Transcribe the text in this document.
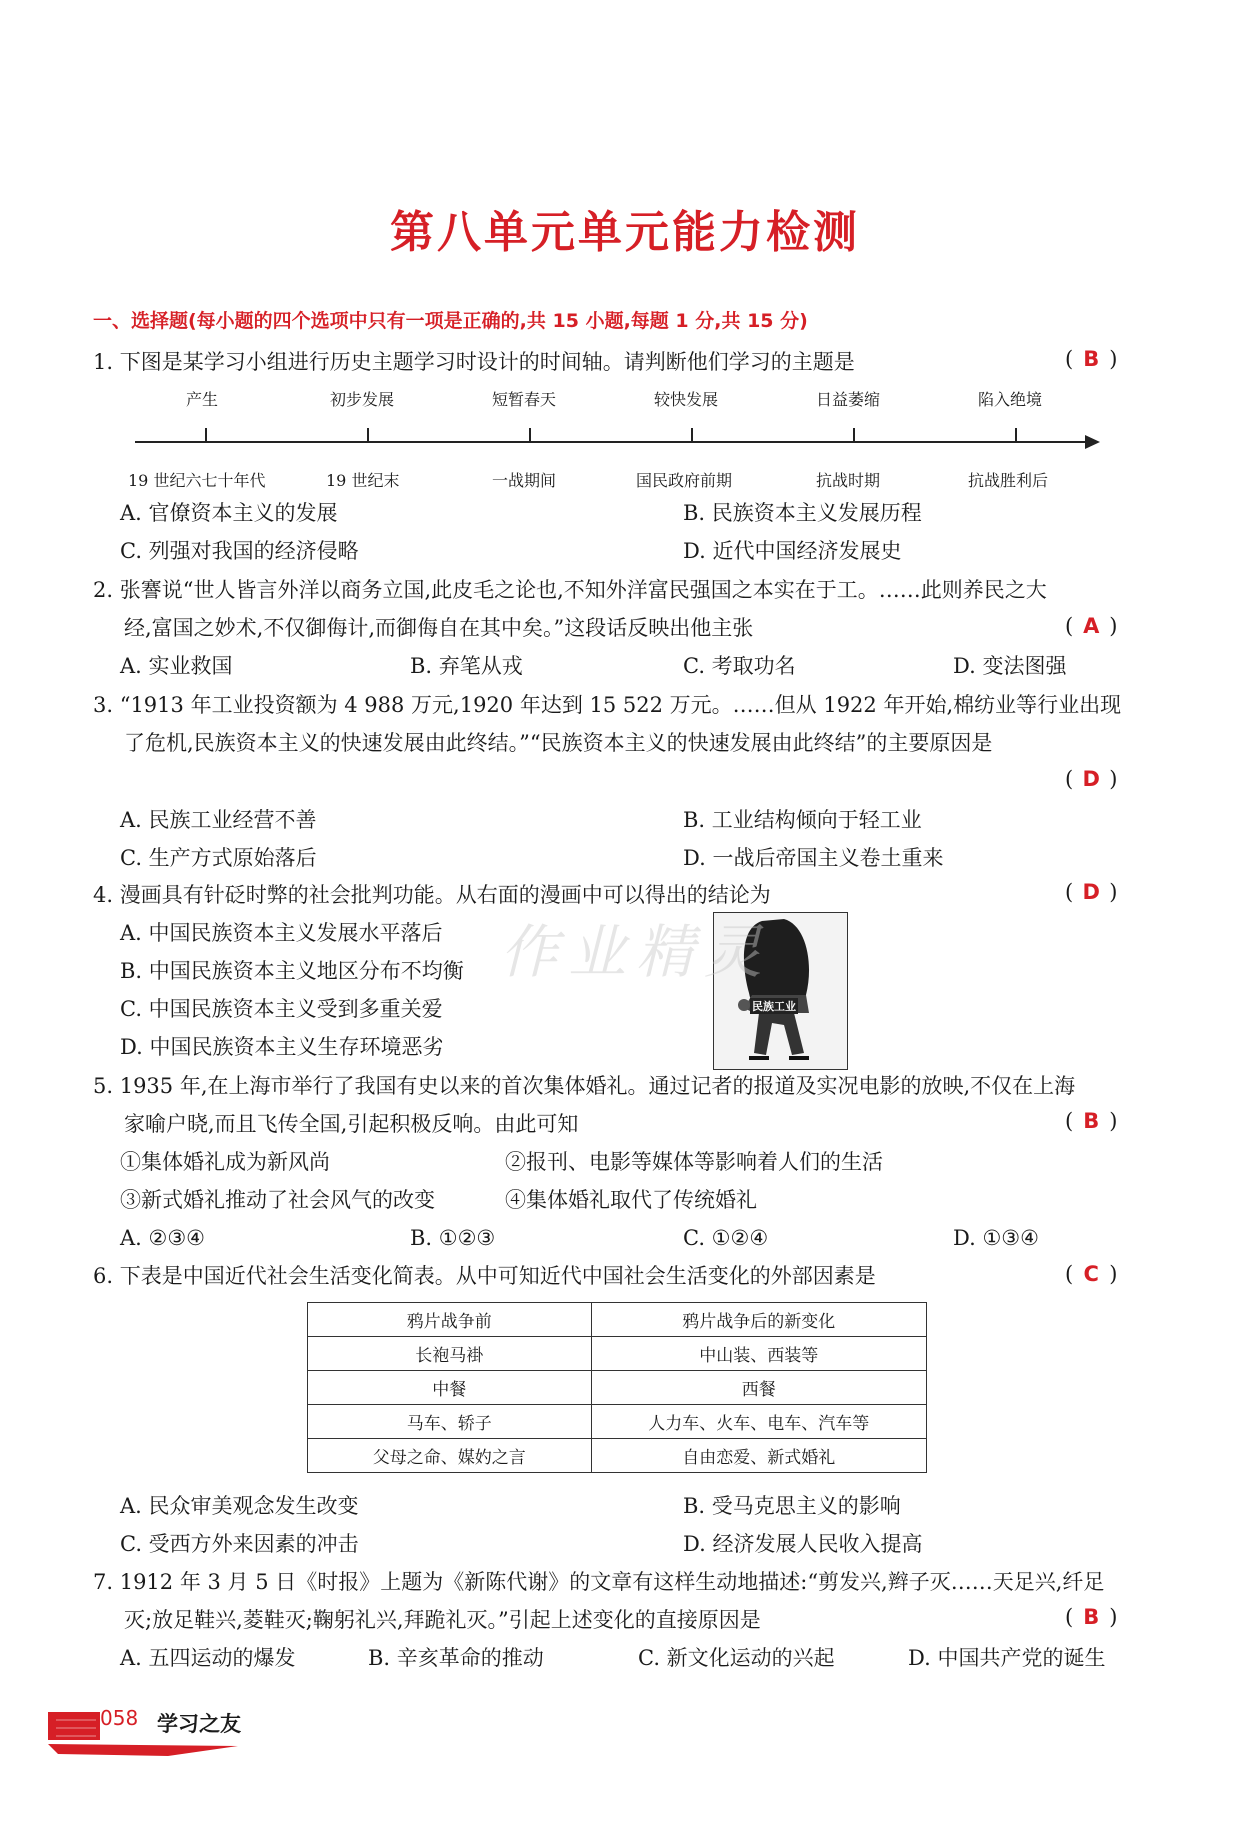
第八单元单元能力检测
一、选择题(每小题的四个选项中只有一项是正确的,共 15 小题,每题 1 分,共 15 分)
1. 下图是某学习小组进行历史主题学习时设计的时间轴。请判断他们学习的主题是	( B )
产生	初步发展	短暂春天	较快发展	日益萎缩	陷入绝境
19 世纪六七十年代	19 世纪末	一战期间	国民政府前期	抗战时期	抗战胜利后
A. 官僚资本主义的发展	B. 民族资本主义发展历程
C. 列强对我国的经济侵略	D. 近代中国经济发展史
2. 张謇说“世人皆言外洋以商务立国,此皮毛之论也,不知外洋富民强国之本实在于工。……此则养民之大
经,富国之妙术,不仅御侮计,而御侮自在其中矣。”这段话反映出他主张	( A )
A. 实业救国	B. 弃笔从戎	C. 考取功名	D. 变法图强
3. “1913 年工业投资额为 4 988 万元,1920 年达到 15 522 万元。……但从 1922 年开始,棉纺业等行业出现
了危机,民族资本主义的快速发展由此终结。”“民族资本主义的快速发展由此终结”的主要原因是
( D )
A. 民族工业经营不善	B. 工业结构倾向于轻工业
C. 生产方式原始落后	D. 一战后帝国主义卷土重来
4. 漫画具有针砭时弊的社会批判功能。从右面的漫画中可以得出的结论为	( D )
A. 中国民族资本主义发展水平落后
B. 中国民族资本主义地区分布不均衡
C. 中国民族资本主义受到多重关爱
D. 中国民族资本主义生存环境恶劣
民族工业
5. 1935 年,在上海市举行了我国有史以来的首次集体婚礼。通过记者的报道及实况电影的放映,不仅在上海
家喻户晓,而且飞传全国,引起积极反响。由此可知	( B )
①集体婚礼成为新风尚	②报刊、电影等媒体等影响着人们的生活
③新式婚礼推动了社会风气的改变	④集体婚礼取代了传统婚礼
A. ②③④	B. ①②③	C. ①②④	D. ①③④
6. 下表是中国近代社会生活变化简表。从中可知近代中国社会生活变化的外部因素是	( C )
鸦片战争前	鸦片战争后的新变化
长袍马褂	中山装、西装等
中餐	西餐
马车、轿子	人力车、火车、电车、汽车等
父母之命、媒妁之言	自由恋爱、新式婚礼
A. 民众审美观念发生改变	B. 受马克思主义的影响
C. 受西方外来因素的冲击	D. 经济发展人民收入提高
7. 1912 年 3 月 5 日《时报》上题为《新陈代谢》的文章有这样生动地描述:“剪发兴,辫子灭……天足兴,纤足
灭;放足鞋兴,菱鞋灭;鞠躬礼兴,拜跪礼灭。”引起上述变化的直接原因是	( B )
A. 五四运动的爆发	B. 辛亥革命的推动	C. 新文化运动的兴起	D. 中国共产党的诞生
作业精灵
058 学习之友
